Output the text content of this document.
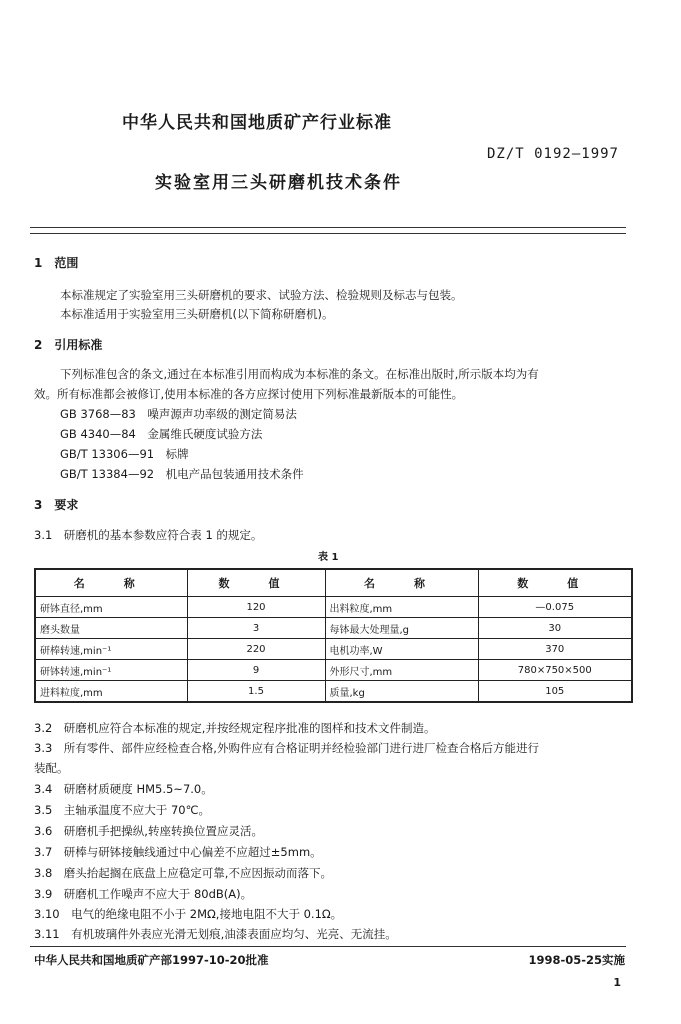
中华人民共和国地质矿产行业标准
DZ/T 0192—1997
实验室用三头研磨机技术条件
1　范围
本标准规定了实验室用三头研磨机的要求、试验方法、检验规则及标志与包装。
本标准适用于实验室用三头研磨机(以下简称研磨机)。
2　引用标准
下列标准包含的条文,通过在本标准引用而构成为本标准的条文。在标准出版时,所示版本均为有
效。所有标准都会被修订,使用本标准的各方应探讨使用下列标准最新版本的可能性。
GB 3768—83　噪声源声功率级的测定简易法
GB 4340—84　金属维氏硬度试验方法
GB/T 13306—91　标牌
GB/T 13384—92　机电产品包装通用技术条件
3　要求
3.1　研磨机的基本参数应符合表 1 的规定。
表 1
名　称	数　值	名　称	数　值
研钵直径,mm	120	出料粒度,mm	—0.075
磨头数量	3	每钵最大处理量,g	30
研棒转速,min⁻¹	220	电机功率,W	370
研钵转速,min⁻¹	9	外形尺寸,mm	780×750×500
进料粒度,mm	1.5	质量,kg	105
3.2　研磨机应符合本标准的规定,并按经规定程序批准的图样和技术文件制造。
3.3　所有零件、部件应经检查合格,外购件应有合格证明并经检验部门进行进厂检查合格后方能进行
装配。
3.4　研磨材质硬度 HM5.5~7.0。
3.5　主轴承温度不应大于 70℃。
3.6　研磨机手把操纵,转座转换位置应灵活。
3.7　研棒与研钵接触线通过中心偏差不应超过±5mm。
3.8　磨头抬起搁在底盘上应稳定可靠,不应因振动而落下。
3.9　研磨机工作噪声不应大于 80dB(A)。
3.10　电气的绝缘电阻不小于 2MΩ,接地电阻不大于 0.1Ω。
3.11　有机玻璃件外表应光滑无划痕,油漆表面应均匀、光亮、无流挂。
中华人民共和国地质矿产部1997-10-20批准	1998-05-25实施
1
